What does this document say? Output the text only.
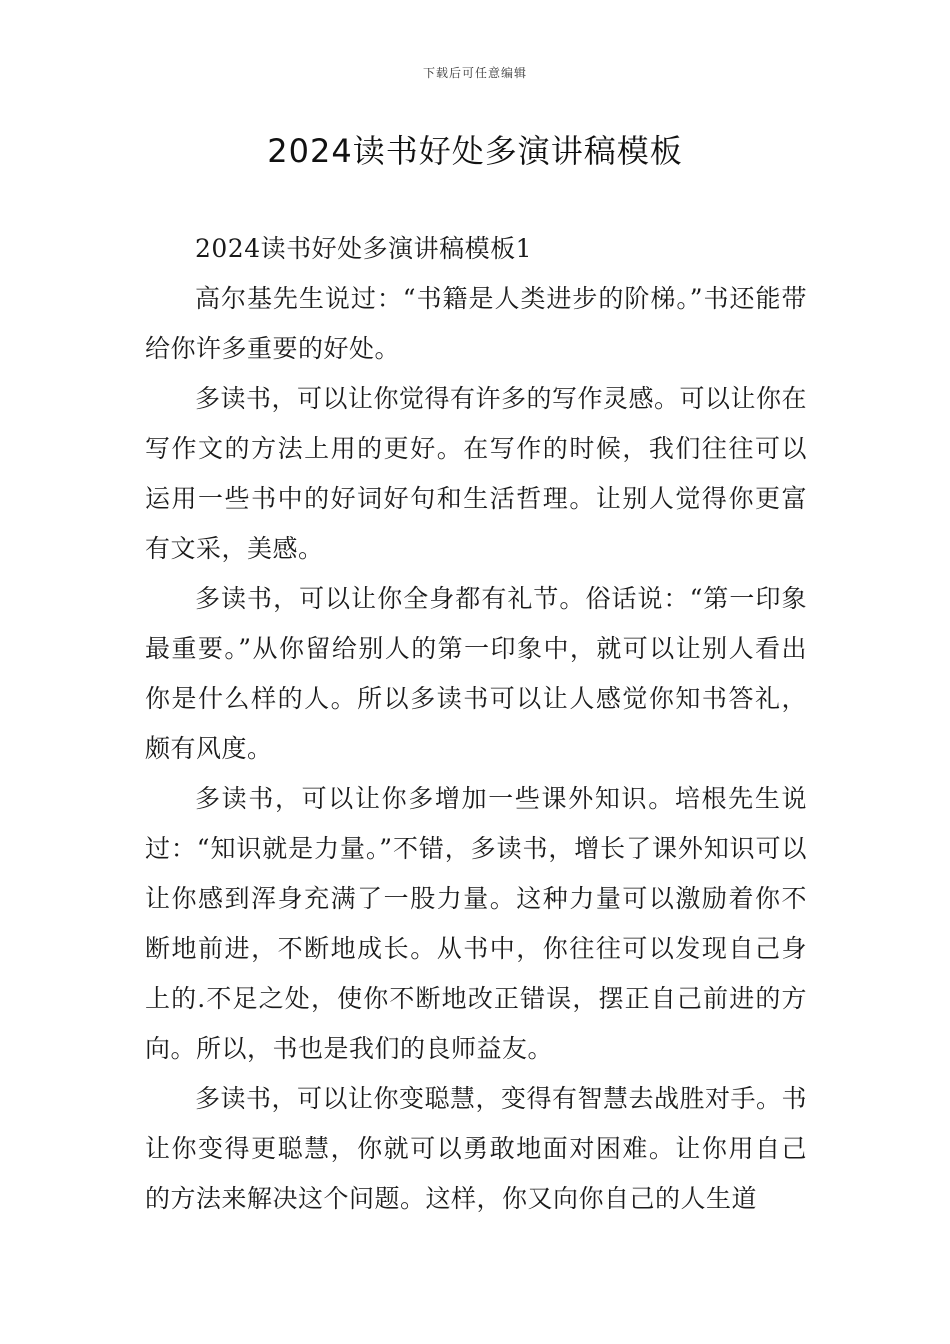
下载后可任意编辑
2024读书好处多演讲稿模板

2024读书好处多演讲稿模板1

高尔基先生说过：“书籍是人类进步的阶梯。”书还能带给你许多重要的好处。

多读书，可以让你觉得有许多的写作灵感。可以让你在写作文的方法上用的更好。在写作的时候，我们往往可以运用一些书中的好词好句和生活哲理。让别人觉得你更富有文采，美感。

多读书，可以让你全身都有礼节。俗话说：“第一印象最重要。”从你留给别人的第一印象中，就可以让别人看出你是什么样的人。所以多读书可以让人感觉你知书答礼，颇有风度。

多读书，可以让你多增加一些课外知识。培根先生说过：“知识就是力量。”不错，多读书，增长了课外知识可以让你感到浑身充满了一股力量。这种力量可以激励着你不断地前进，不断地成长。从书中，你往往可以发现自己身上的.不足之处，使你不断地改正错误，摆正自己前进的方向。所以，书也是我们的良师益友。

多读书，可以让你变聪慧，变得有智慧去战胜对手。书让你变得更聪慧，你就可以勇敢地面对困难。让你用自己的方法来解决这个问题。这样，你又向你自己的人生道
